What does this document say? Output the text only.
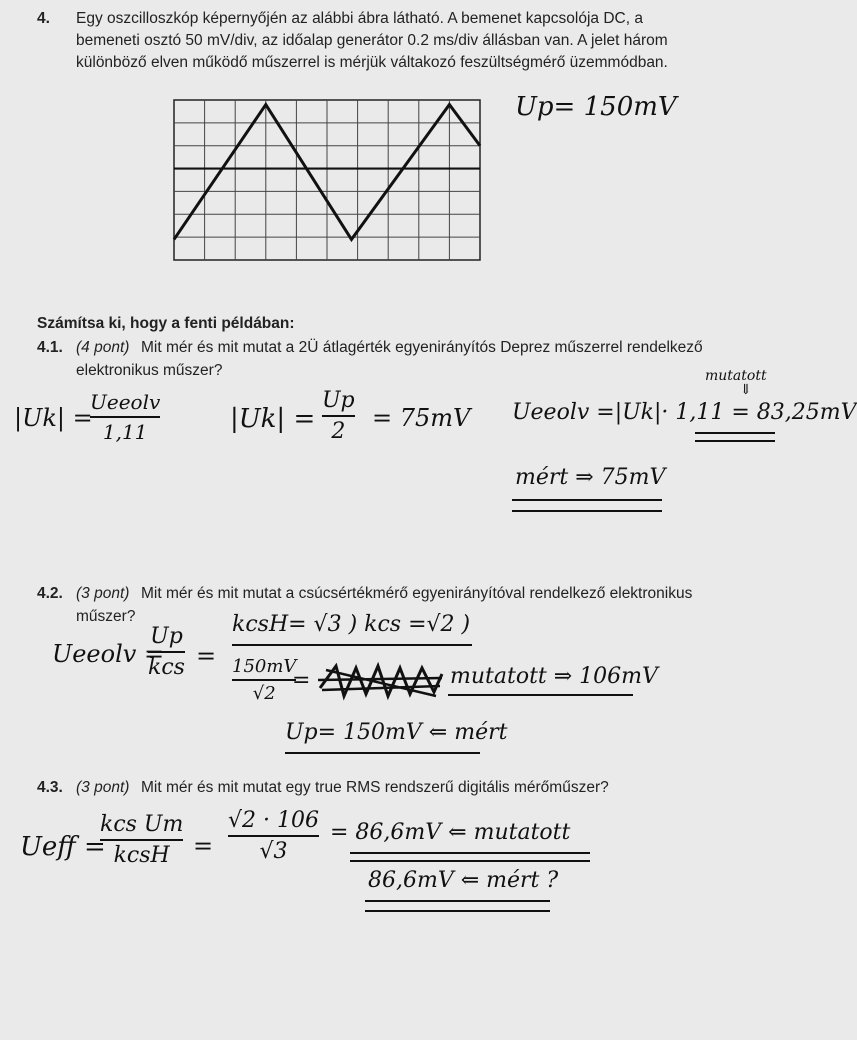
4. Egy oszcilloszkóp képernyőjén az alábbi ábra látható. A bemenet kapcsolója DC, a
bemeneti osztó 50 mV/div, az időalap generátor 0.2 ms/div állásban van. A jelet három
különböző elven működő műszerrel is mérjük váltakozó feszültségmérő üzemmódban.
Up= 150mV
Számítsa ki, hogy a fenti példában:
4.1. (4 pont) Mit mér és mit mutat a 2Ü átlagérték egyenirányítós Deprez műszerrel rendelkező
elektronikus műszer?
|Uk| =
Ueeolv
1,11	|Uk| =
Up
2 = 75mV
mutatott
⇓
Ueeolv =|Uk|· 1,11 = 83,25mV
mért ⇒ 75mV
4.2. (3 pont) Mit mér és mit mutat a csúcsértékmérő egyenirányítóval rendelkező elektronikus
műszer?
Ueeolv =
Up
kcs =
kcsH= √3 ) kcs =√2 )
150mV
√2
=	mutatott ⇒ 106mV
Up= 150mV ⇐ mért
4.3. (3 pont) Mit mér és mit mutat egy true RMS rendszerű digitális mérőműszer?
Ueff =
kcs Um
kcsH =
√2 · 106
√3
= 86,6mV ⇐ mutatott
86,6mV ⇐ mért ?
